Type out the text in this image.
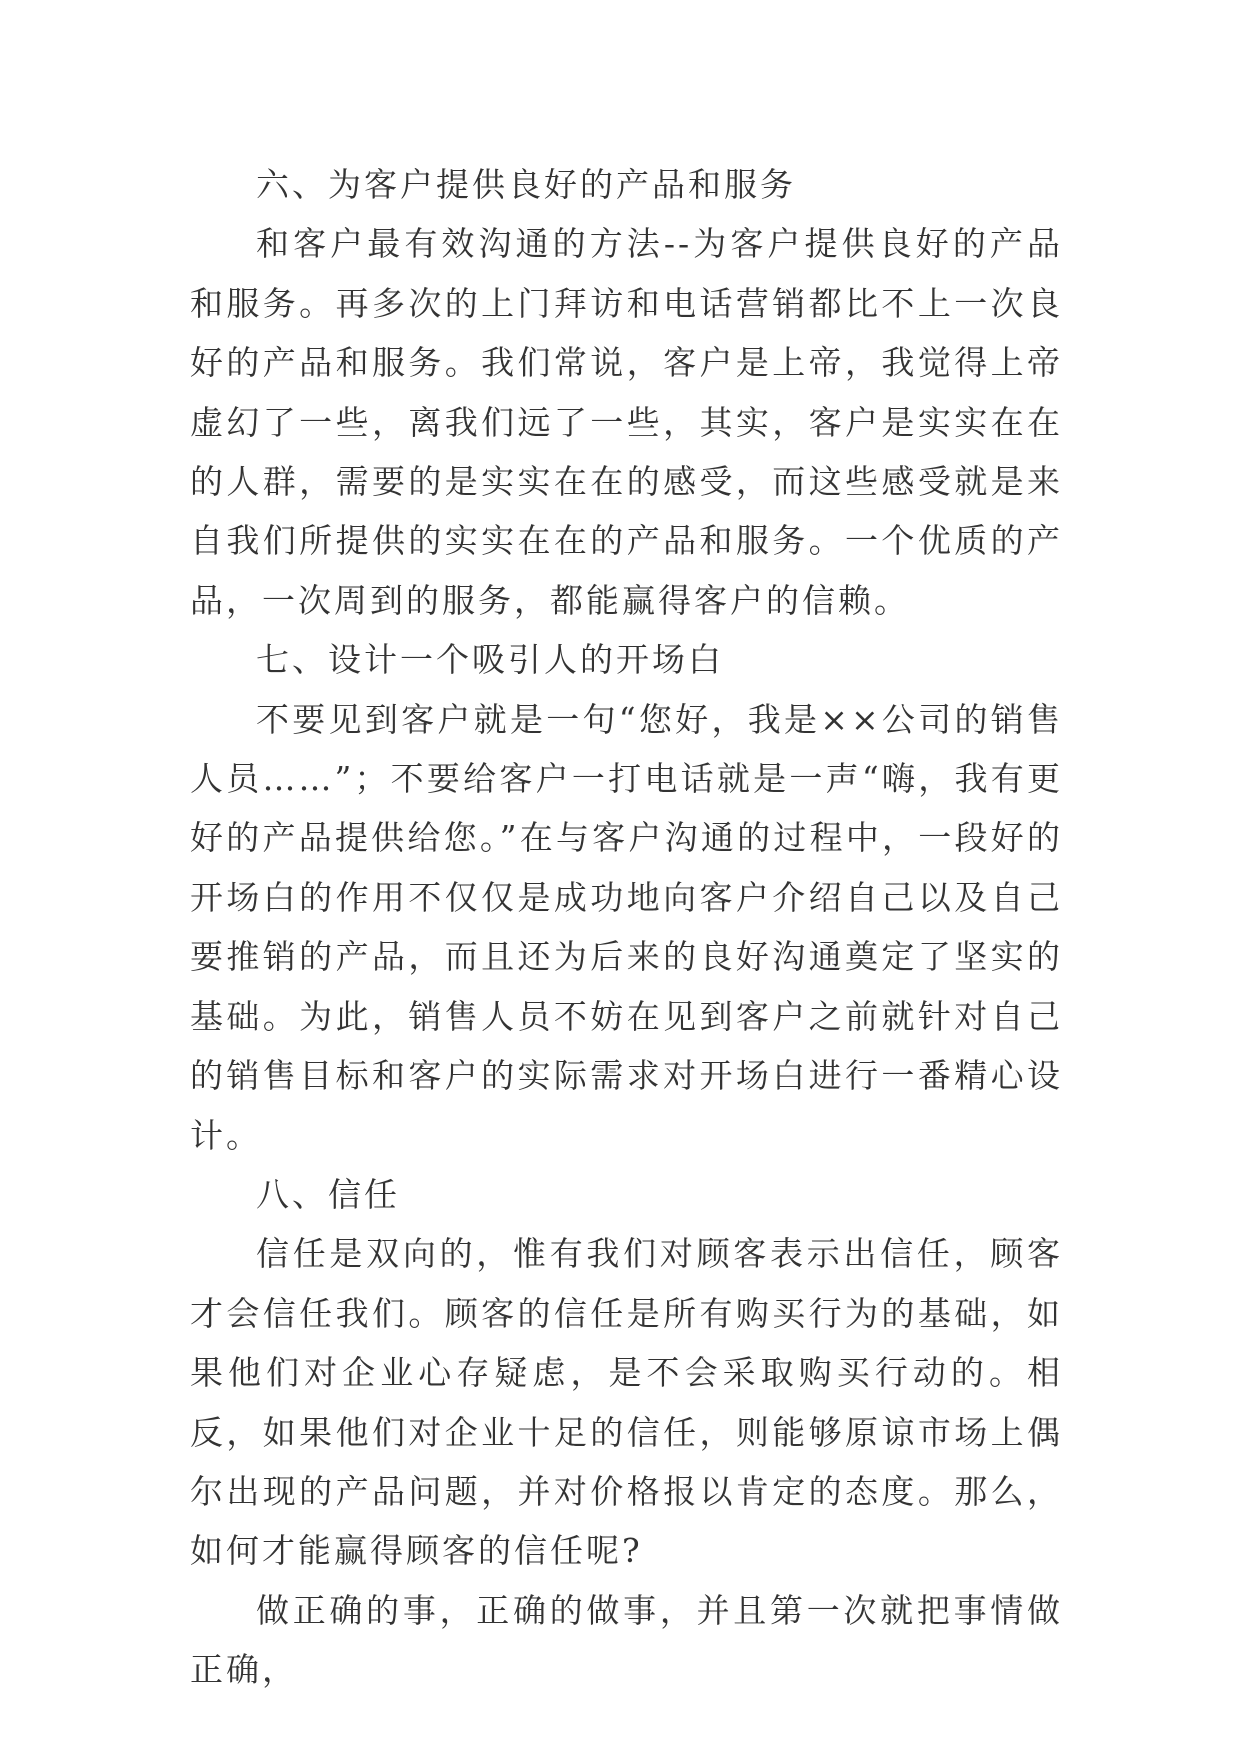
六、为客户提供良好的产品和服务

和客户最有效沟通的方法--为客户提供良好的产品和服务。再多次的上门拜访和电话营销都比不上一次良好的产品和服务。我们常说，客户是上帝，我觉得上帝虚幻了一些，离我们远了一些，其实，客户是实实在在的人群，需要的是实实在在的感受，而这些感受就是来自我们所提供的实实在在的产品和服务。一个优质的产品，一次周到的服务，都能赢得客户的信赖。

七、设计一个吸引人的开场白

不要见到客户就是一句“您好，我是××公司的销售人员……”；不要给客户一打电话就是一声“嗨，我有更好的产品提供给您。”在与客户沟通的过程中，一段好的开场白的作用不仅仅是成功地向客户介绍自己以及自己要推销的产品，而且还为后来的良好沟通奠定了坚实的基础。为此，销售人员不妨在见到客户之前就针对自己的销售目标和客户的实际需求对开场白进行一番精心设计。

八、信任

信任是双向的，惟有我们对顾客表示出信任，顾客才会信任我们。顾客的信任是所有购买行为的基础，如果他们对企业心存疑虑，是不会采取购买行动的。相反，如果他们对企业十足的信任，则能够原谅市场上偶尔出现的产品问题，并对价格报以肯定的态度。那么，如何才能赢得顾客的信任呢?

做正确的事，正确的做事，并且第一次就把事情做正确，
